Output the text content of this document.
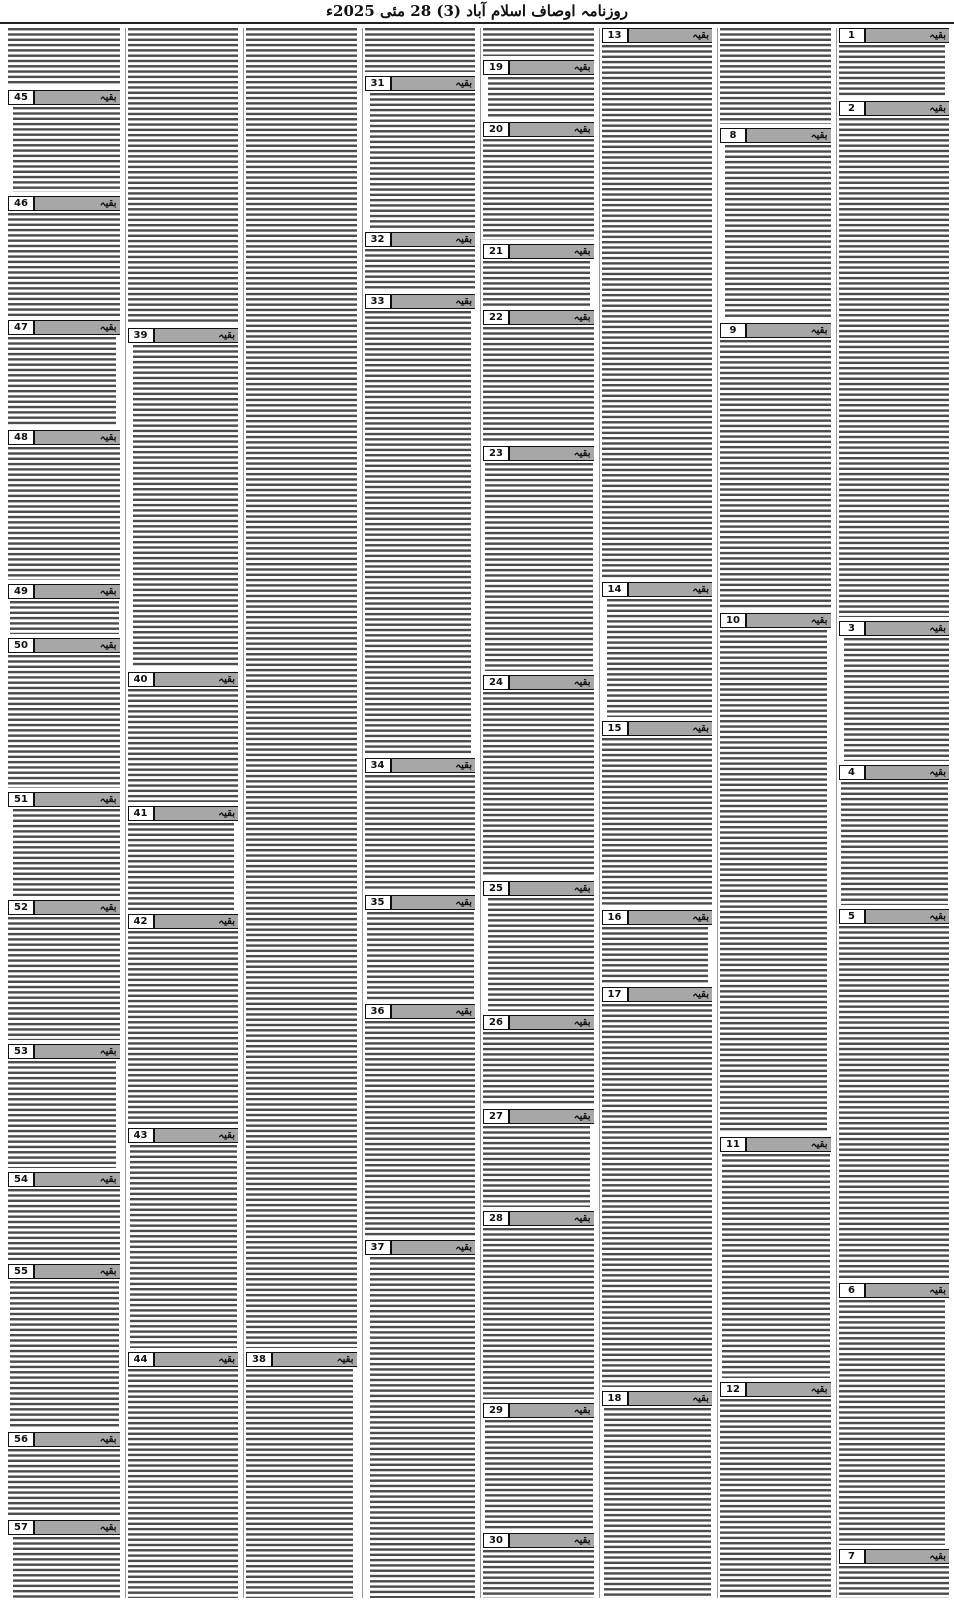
روزنامہ اوصاف اسلام آباد (3) 28 مئی 2025ء
بقیہ
1
بقیہ
2
بقیہ
3
بقیہ
4
بقیہ
5
بقیہ
6
بقیہ
7
بقیہ
8
بقیہ
9
بقیہ
10
بقیہ
11
بقیہ
12
بقیہ
13
بقیہ
14
بقیہ
15
بقیہ
16
بقیہ
17
بقیہ
18
بقیہ
19
بقیہ
20
بقیہ
21
بقیہ
22
بقیہ
23
بقیہ
24
بقیہ
25
بقیہ
26
بقیہ
27
بقیہ
28
بقیہ
29
بقیہ
30
بقیہ
31
بقیہ
32
بقیہ
33
بقیہ
34
بقیہ
35
بقیہ
36
بقیہ
37
بقیہ
38
بقیہ
39
بقیہ
40
بقیہ
41
بقیہ
42
بقیہ
43
بقیہ
44
بقیہ
45
بقیہ
46
بقیہ
47
بقیہ
48
بقیہ
49
بقیہ
50
بقیہ
51
بقیہ
52
بقیہ
53
بقیہ
54
بقیہ
55
بقیہ
56
بقیہ
57
